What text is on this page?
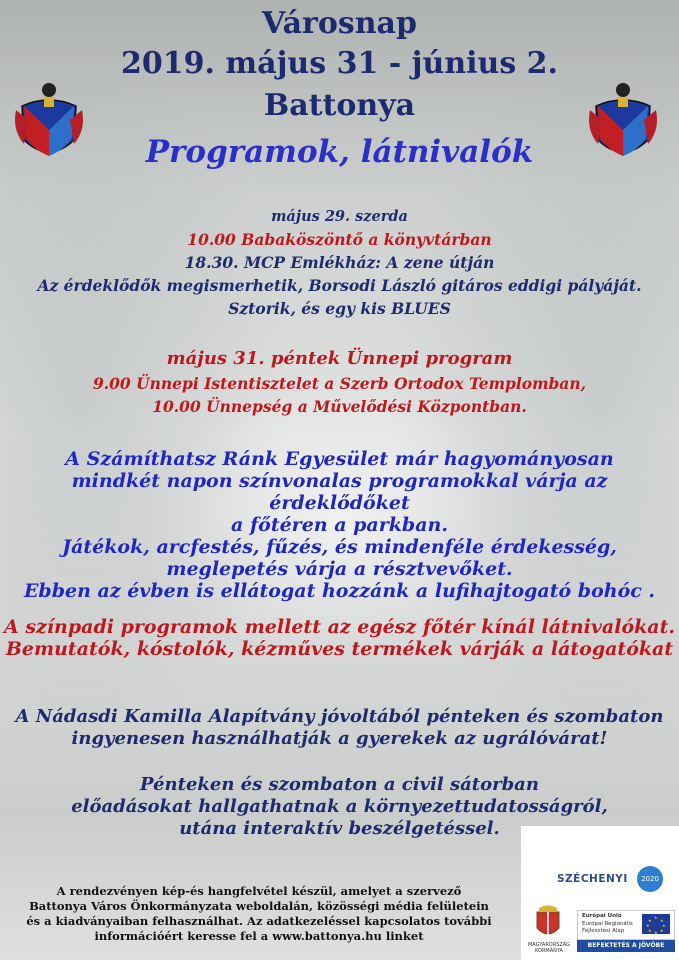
Városnap
2019. május 31 - június 2.
Battonya
Programok, látnivalók
május 29. szerda
10.00 Babaköszöntő a könyvtárban
18.30. MCP Emlékház: A zene útján
Az érdeklődők megismerhetik, Borsodi László gitáros eddigi pályáját.
Sztorik, és egy kis BLUES
május 31. péntek Ünnepi program
9.00 Ünnepi Istentisztelet a Szerb Ortodox Templomban,
10.00 Ünnepség a Művelődési Központban.
A Számíthatsz Ránk Egyesület már hagyományosan
mindkét napon színvonalas programokkal várja az érdeklődőket
a főtéren a parkban.
Játékok, arcfestés, fűzés, és mindenféle érdekesség,
meglepetés várja a résztvevőket.
Ebben az évben is ellátogat hozzánk a lufihajtogató bohóc .
A színpadi programok mellett az egész főtér kínál látnivalókat.
Bemutatók, kóstolók, kézműves termékek várják a látogatókat
A Nádasdi Kamilla Alapítvány jóvoltából pénteken és szombaton
ingyenesen használhatják a gyerekek az ugrálóvárat!
Pénteken és szombaton a civil sátorban
előadásokat hallgathatnak a környezettudatosságról,
utána interaktív beszélgetéssel.
A rendezvényen kép-és hangfelvétel készül, amelyet a szervező
Battonya Város Önkormányzata weboldalán, közösségi média felületein
és a kiadványaiban felhasználhat. Az adatkezeléssel kapcsolatos további
információért keresse fel a www.battonya.hu linket
SZÉCHENYI	2020
MAGYARORSZÁG KORMÁNYA
Európai Unió
Európai Regionális
Fejlesztési Alap
★
★
★
★
★
★
★
★
BEFEKTETÉS A JÖVŐBE
